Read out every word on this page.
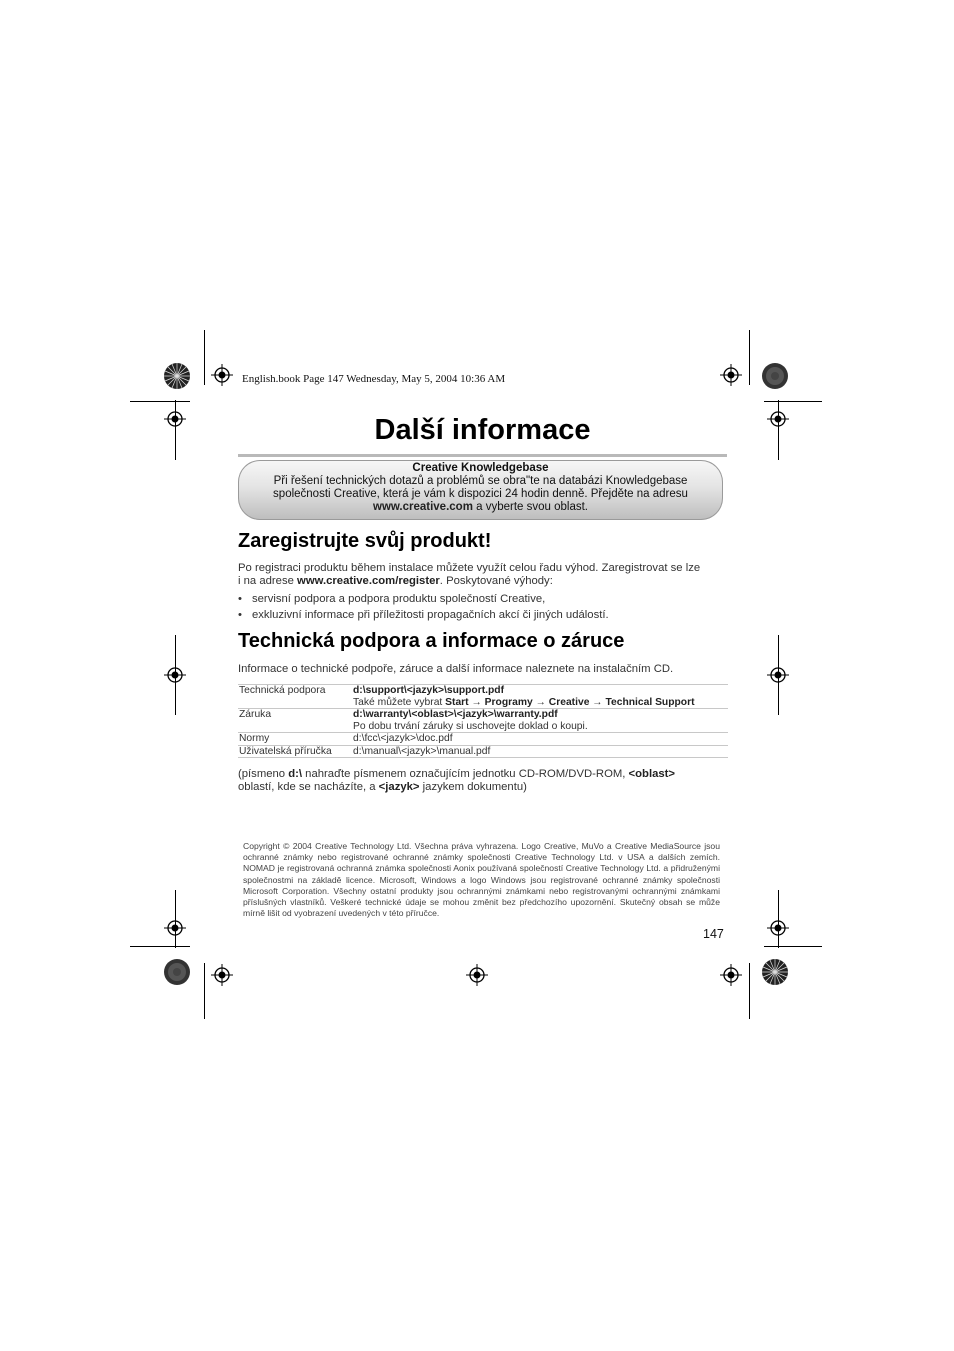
English.book Page 147 Wednesday, May 5, 2004 10:36 AM
Další informace
Creative Knowledgebase
Při řešení technických dotazů a problémů se obra"te na databázi Knowledgebase
společnosti Creative, která je vám k dispozici 24 hodin denně. Přejděte na adresu
www.creative.com a vyberte svou oblast.
Zaregistrujte svůj produkt!
Po registraci produktu během instalace můžete využít celou řadu výhod. Zaregistrovat se lze
i na adrese www.creative.com/register. Poskytované výhody:
• servisní podpora a podpora produktu společností Creative,
• exkluzivní informace při příležitosti propagačních akcí či jiných událostí.
Technická podpora a informace o záruce
Informace o technické podpoře, záruce a další informace naleznete na instalačním CD.
Technická podpora	d:\support\<jazyk>\support.pdf
Také můžete vybrat Start → Programy → Creative → Technical Support

Záruka	d:\warranty\<oblast>\<jazyk>\warranty.pdf
Po dobu trvání záruky si uschovejte doklad o koupi.

Normy	d:\fcc\<jazyk>\doc.pdf
Uživatelská příručka	d:\manual\<jazyk>\manual.pdf
(písmeno d:\ nahraďte písmenem označujícím jednotku CD-ROM/DVD-ROM, <oblast>
oblastí, kde se nacházíte, a <jazyk> jazykem dokumentu)
Copyright © 2004 Creative Technology Ltd. Všechna práva vyhrazena. Logo Creative, MuVo a Creative MediaSource jsou ochranné známky nebo registrované ochranné známky společnosti Creative Technology Ltd. v USA a dalších zemích. NOMAD je registrovaná ochranná známka společnosti Aonix používaná společností Creative Technology Ltd. a přidruženými společnostmi na základě licence. Microsoft, Windows a logo Windows jsou registrované ochranné známky společnosti Microsoft Corporation. Všechny ostatní produkty jsou ochrannými známkami nebo registrovanými ochrannými známkami příslušných vlastníků. Veškeré technické údaje se mohou změnit bez předchozího upozornění. Skutečný obsah se může mírně lišit od vyobrazení uvedených v této příručce.
147
